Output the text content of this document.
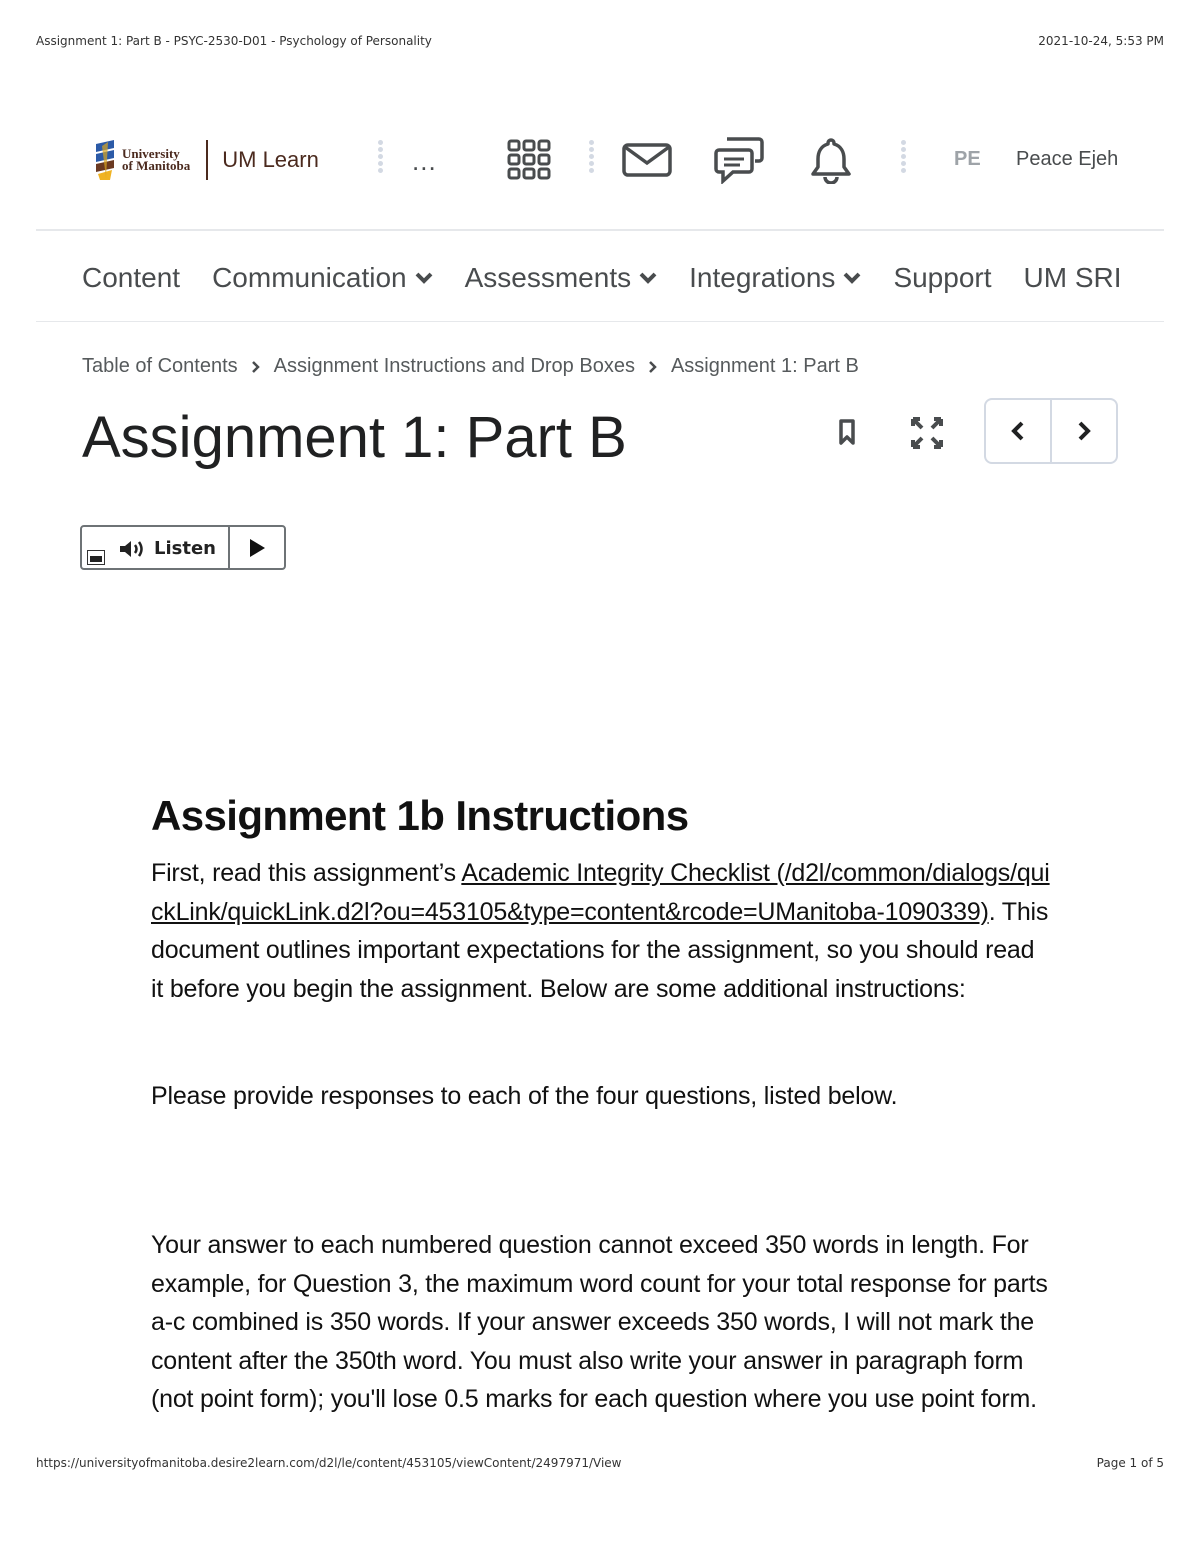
Assignment 1: Part B - PSYC-2530-D01 - Psychology of Personality	2021-10-24, 5:53 PM
University
of Manitoba UM Learn	...	PE Peace Ejeh
Content Communication Assessments Integrations Support UM SRI
Table of Contents Assignment Instructions and Drop Boxes Assignment 1: Part B
Assignment 1: Part B
Listen
Assignment 1b Instructions

First, read this assignment’s Academic Integrity Checklist (/d2l/common/dialogs/quickLink/quickLink.d2l?ou=453105&type=content&rcode=UManitoba-1090339). This document outlines important expectations for the assignment, so you should read it before you begin the assignment. Below are some additional instructions:

Please provide responses to each of the four questions, listed below.

Your answer to each numbered question cannot exceed 350 words in length. For example, for Question 3, the maximum word count for your total response for parts a-c combined is 350 words. If your answer exceeds 350 words, I will not mark the content after the 350th word. You must also write your answer in paragraph form (not point form); you'll lose 0.5 marks for each question where you use point form.
https://universityofmanitoba.desire2learn.com/d2l/le/content/453105/viewContent/2497971/View	Page 1 of 5
